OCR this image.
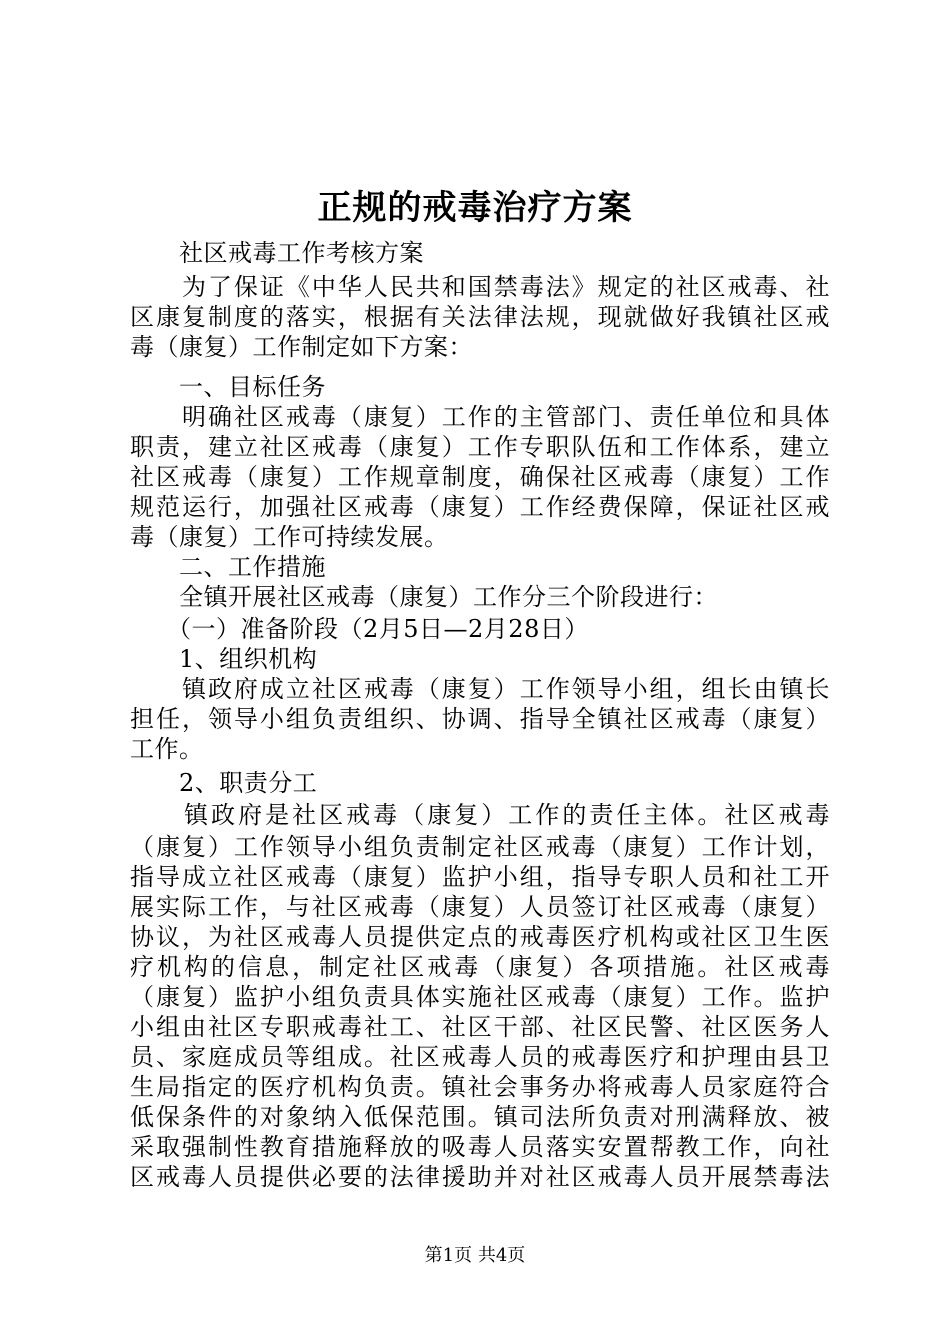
正规的戒毒治疗方案
　　社区戒毒工作考核方案
　　为了保证《中华人民共和国禁毒法》规定的社区戒毒、社
区康复制度的落实，根据有关法律法规，现就做好我镇社区戒
毒（康复）工作制定如下方案：
　　一、目标任务
　　明确社区戒毒（康复）工作的主管部门、责任单位和具体
职责，建立社区戒毒（康复）工作专职队伍和工作体系，建立
社区戒毒（康复）工作规章制度，确保社区戒毒（康复）工作
规范运行，加强社区戒毒（康复）工作经费保障，保证社区戒
毒（康复）工作可持续发展。
　　二、工作措施
　　全镇开展社区戒毒（康复）工作分三个阶段进行：
　　（一）准备阶段（2月5日—2月28日）
　　1、组织机构
　　镇政府成立社区戒毒（康复）工作领导小组，组长由镇长
担任，领导小组负责组织、协调、指导全镇社区戒毒（康复）
工作。
　　2、职责分工
　　镇政府是社区戒毒（康复）工作的责任主体。社区戒毒
（康复）工作领导小组负责制定社区戒毒（康复）工作计划，
指导成立社区戒毒（康复）监护小组，指导专职人员和社工开
展实际工作，与社区戒毒（康复）人员签订社区戒毒（康复）
协议，为社区戒毒人员提供定点的戒毒医疗机构或社区卫生医
疗机构的信息，制定社区戒毒（康复）各项措施。社区戒毒
（康复）监护小组负责具体实施社区戒毒（康复）工作。监护
小组由社区专职戒毒社工、社区干部、社区民警、社区医务人
员、家庭成员等组成。社区戒毒人员的戒毒医疗和护理由县卫
生局指定的医疗机构负责。镇社会事务办将戒毒人员家庭符合
低保条件的对象纳入低保范围。镇司法所负责对刑满释放、被
采取强制性教育措施释放的吸毒人员落实安置帮教工作，向社
区戒毒人员提供必要的法律援助并对社区戒毒人员开展禁毒法
第1页 共4页
